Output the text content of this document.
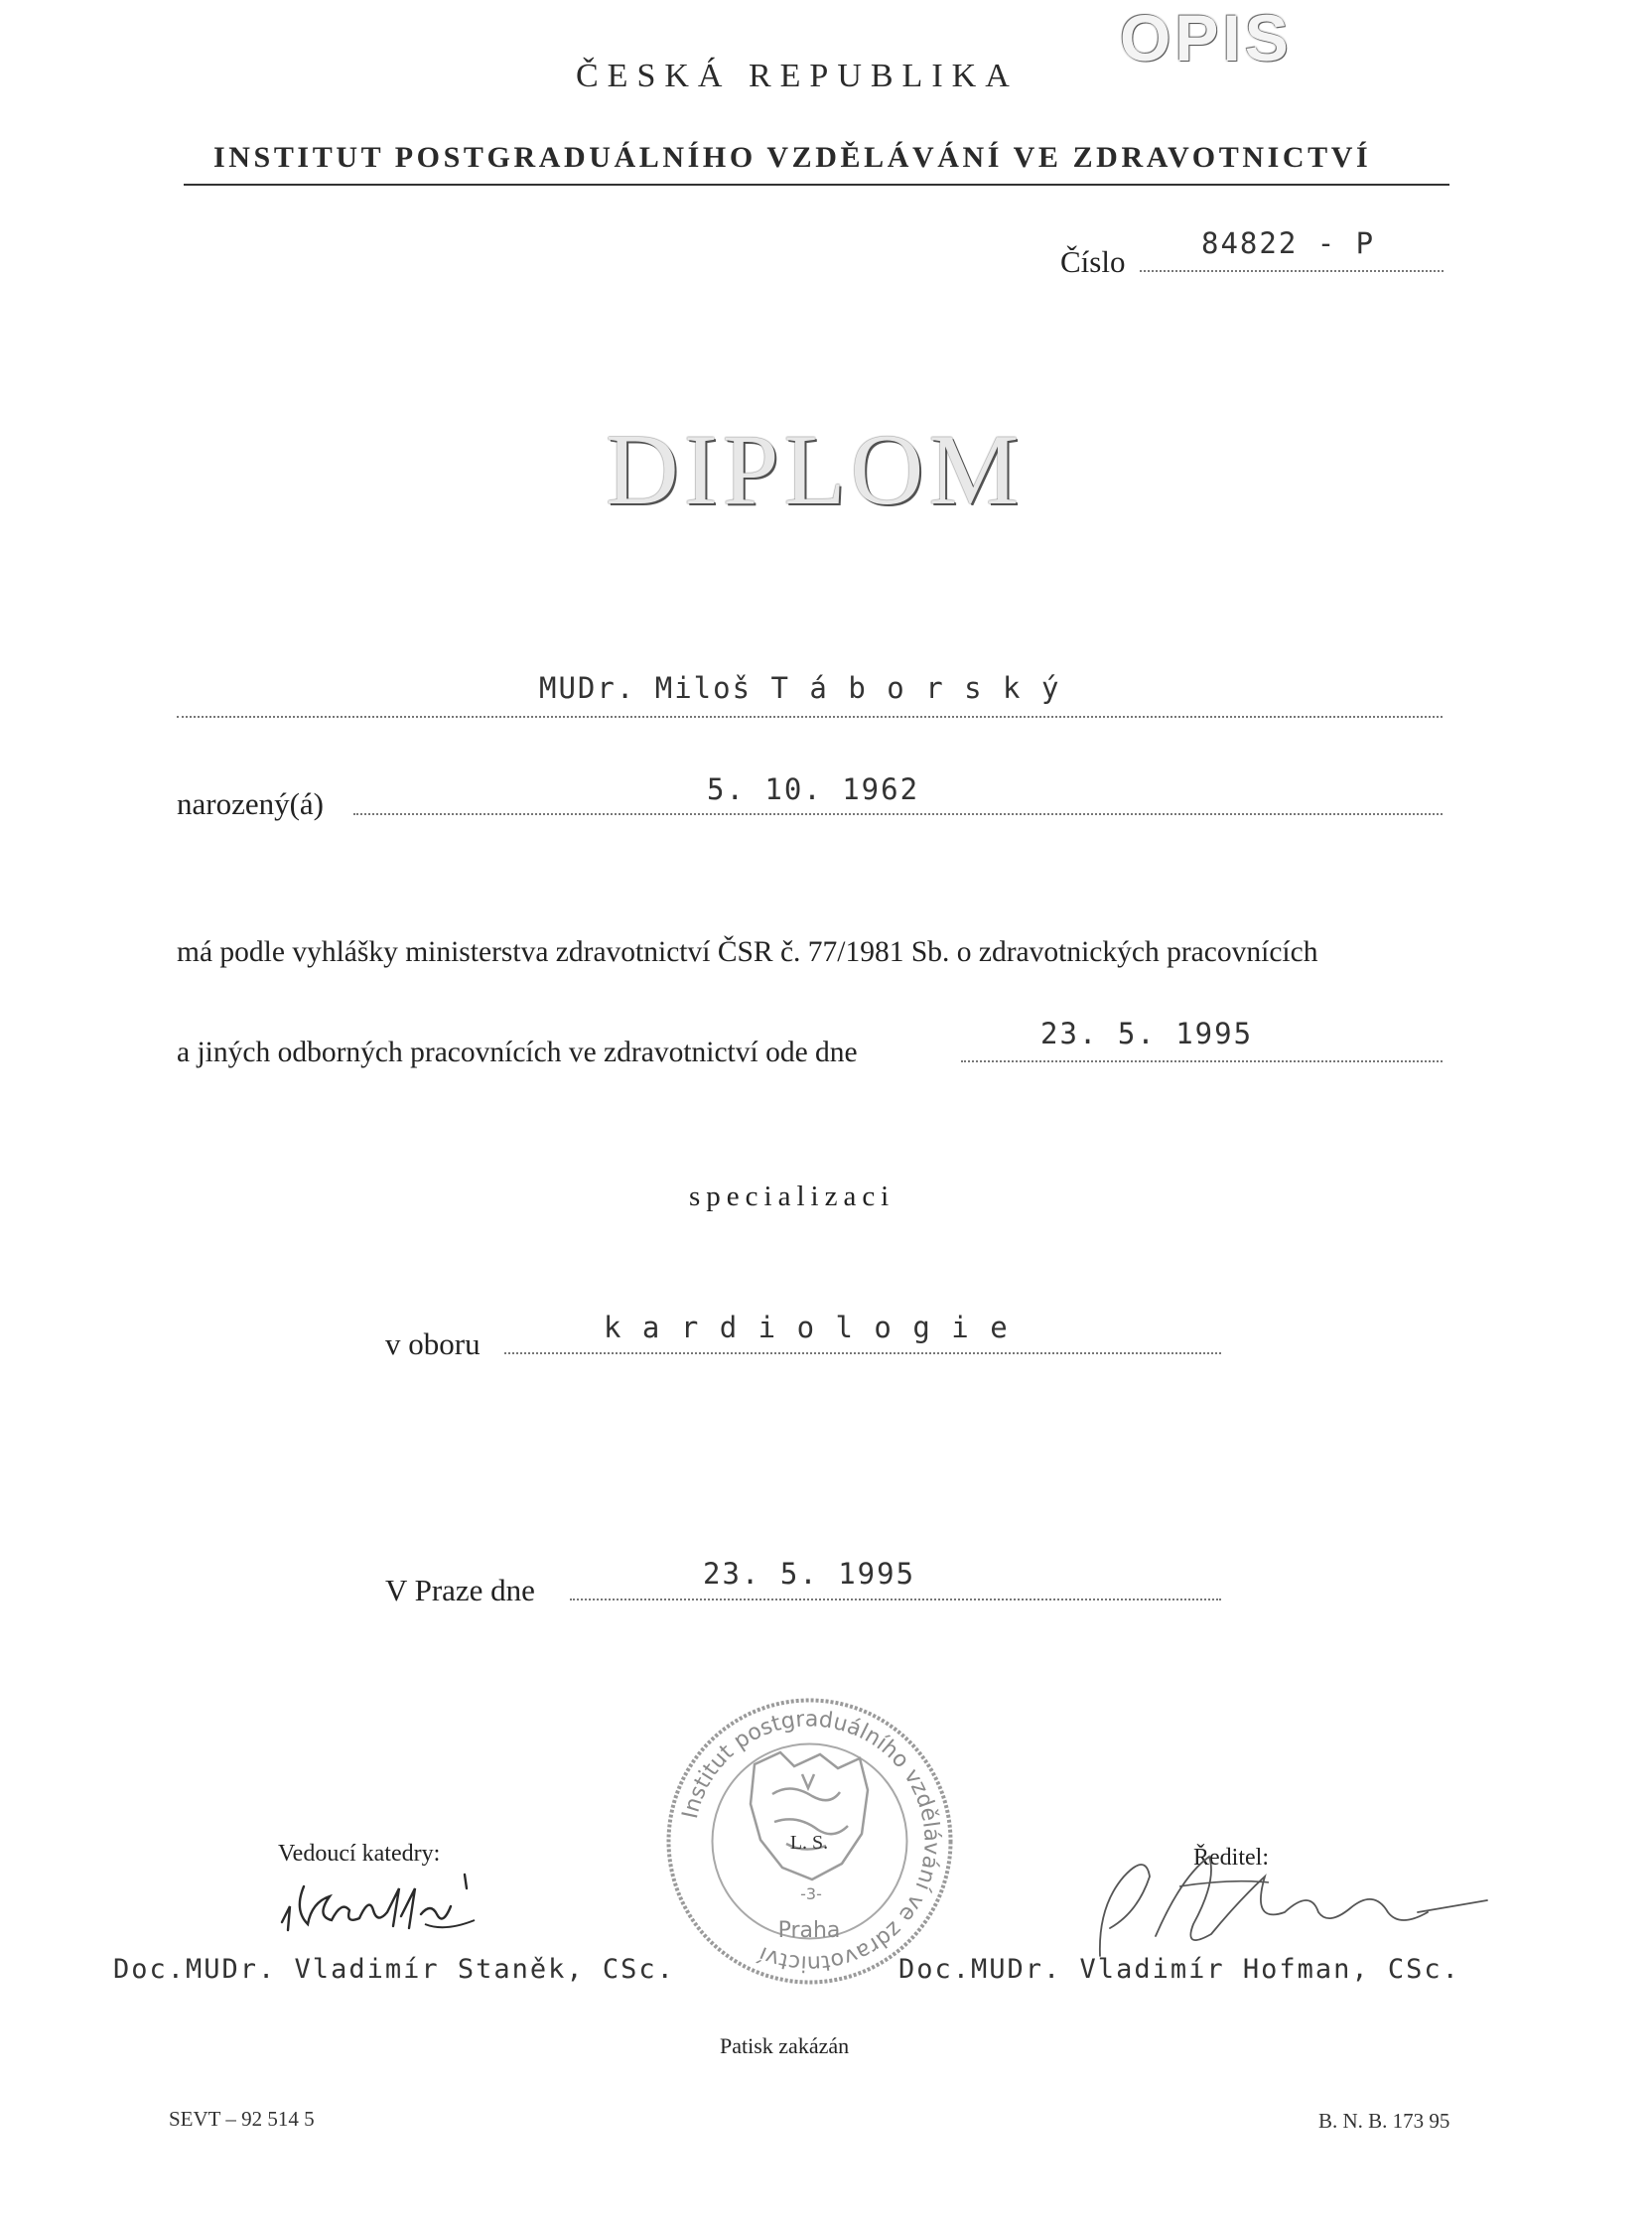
ČESKÁ REPUBLIKA
OPIS
INSTITUT POSTGRADUÁLNÍHO VZDĚLÁVÁNÍ VE ZDRAVOTNICTVÍ
Číslo
84822 - P
DIPLOM
MUDr. Miloš T á b o r s k ý
narozený(á)	5. 10. 1962
má podle vyhlášky ministerstva zdravotnictví ČSR č. 77/1981 Sb. o zdravotnických pracovnících
a jiných odborných pracovnících ve zdravotnictví ode dne
23. 5. 1995
specializaci
v oboru	k a r d i o l o g i e
V Praze dne	23. 5. 1995
Institut postgraduálního vzdělávání ve zdravotnictví
L. S.
-3-
Praha
Vedoucí katedry:
Doc.MUDr. Vladimír Staněk, CSc.
Ředitel:
Doc.MUDr. Vladimír Hofman, CSc.
Patisk zakázán
SEVT – 92 514 5	B. N. B. 173 95
